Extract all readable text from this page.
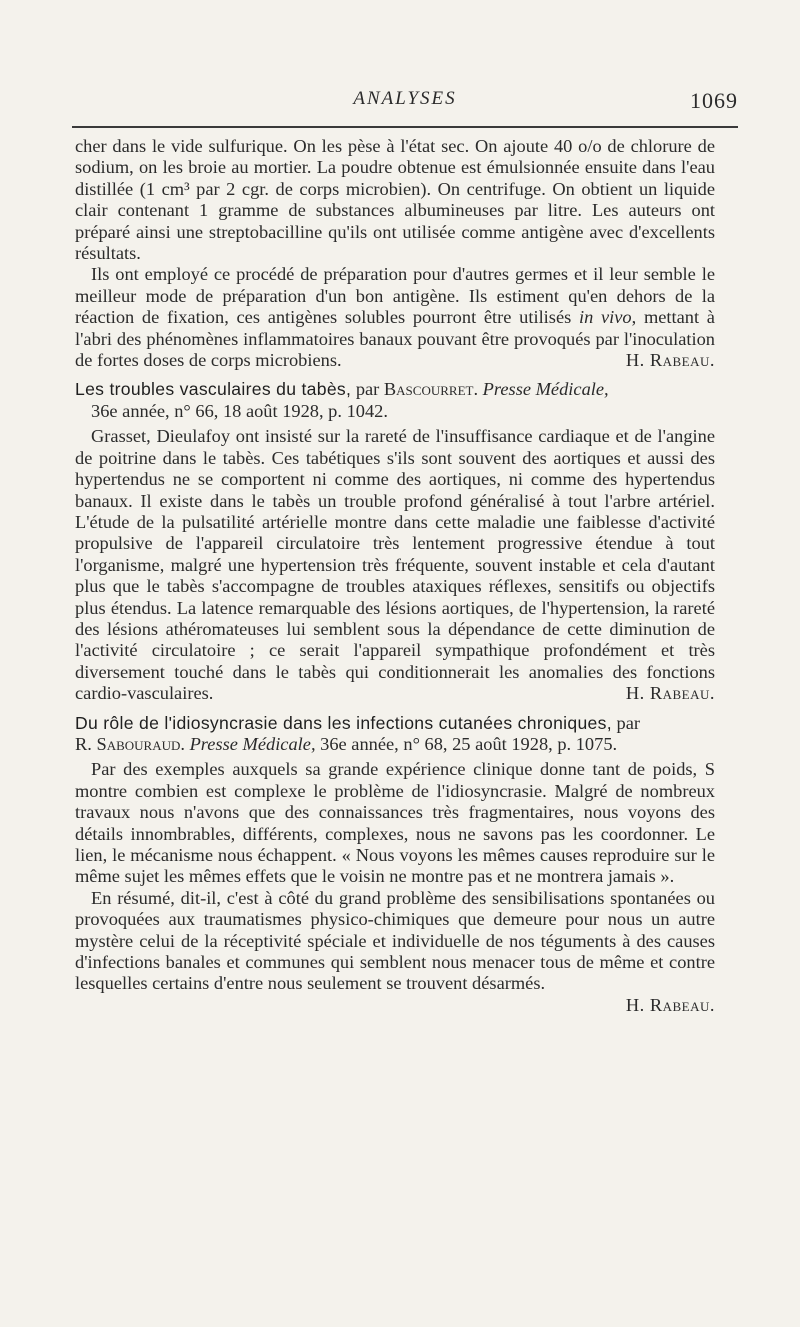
ANALYSES	1069

cher dans le vide sulfurique. On les pèse à l'état sec. On ajoute 40 o/o de chlorure de sodium, on les broie au mortier. La poudre obtenue est émulsionnée ensuite dans l'eau distillée (1 cm³ par 2 cgr. de corps microbien). On centrifuge. On obtient un liquide clair contenant 1 gramme de substances albumineuses par litre. Les auteurs ont préparé ainsi une streptobacilline qu'ils ont utilisée comme antigène avec d'excellents résultats.

Ils ont employé ce procédé de préparation pour d'autres germes et il leur semble le meilleur mode de préparation d'un bon antigène. Ils estiment qu'en dehors de la réaction de fixation, ces antigènes solubles pourront être utilisés in vivo, mettant à l'abri des phénomènes inflammatoires banaux pouvant être provoqués par l'inoculation de fortes doses de corps microbiens.	H. Rabeau.

Les troubles vasculaires du tabès, par Bascourret. Presse Médicale,

36e année, n° 66, 18 août 1928, p. 1042.

Grasset, Dieulafoy ont insisté sur la rareté de l'insuffisance cardiaque et de l'angine de poitrine dans le tabès. Ces tabétiques s'ils sont souvent des aortiques et aussi des hypertendus ne se comportent ni comme des aortiques, ni comme des hypertendus banaux. Il existe dans le tabès un trouble profond généralisé à tout l'arbre artériel. L'étude de la pulsatilité artérielle montre dans cette maladie une faiblesse d'activité propulsive de l'appareil circulatoire très lentement progressive étendue à tout l'organisme, malgré une hypertension très fréquente, souvent instable et cela d'autant plus que le tabès s'accompagne de troubles ataxiques réflexes, sensitifs ou objectifs plus étendus. La latence remarquable des lésions aortiques, de l'hypertension, la rareté des lésions athéromateuses lui semblent sous la dépendance de cette diminution de l'activité circulatoire ; ce serait l'appareil sympathique profondément et très diversement touché dans le tabès qui conditionnerait les anomalies des fonctions cardio-vasculaires.	H. Rabeau.

Du rôle de l'idiosyncrasie dans les infections cutanées chroniques, par

R. Sabouraud. Presse Médicale, 36e année, n° 68, 25 août 1928, p. 1075.

Par des exemples auxquels sa grande expérience clinique donne tant de poids, S montre combien est complexe le problème de l'idiosyncrasie. Malgré de nombreux travaux nous n'avons que des connaissances très fragmentaires, nous voyons des détails innombrables, différents, complexes, nous ne savons pas les coordonner. Le lien, le mécanisme nous échappent. « Nous voyons les mêmes causes reproduire sur le même sujet les mêmes effets que le voisin ne montre pas et ne montrera jamais ».

En résumé, dit-il, c'est à côté du grand problème des sensibilisations spontanées ou provoquées aux traumatismes physico-chimiques que demeure pour nous un autre mystère celui de la réceptivité spéciale et individuelle de nos téguments à des causes d'infections banales et communes qui semblent nous menacer tous de même et contre lesquelles certains d'entre nous seulement se trouvent désarmés.

H. Rabeau.
